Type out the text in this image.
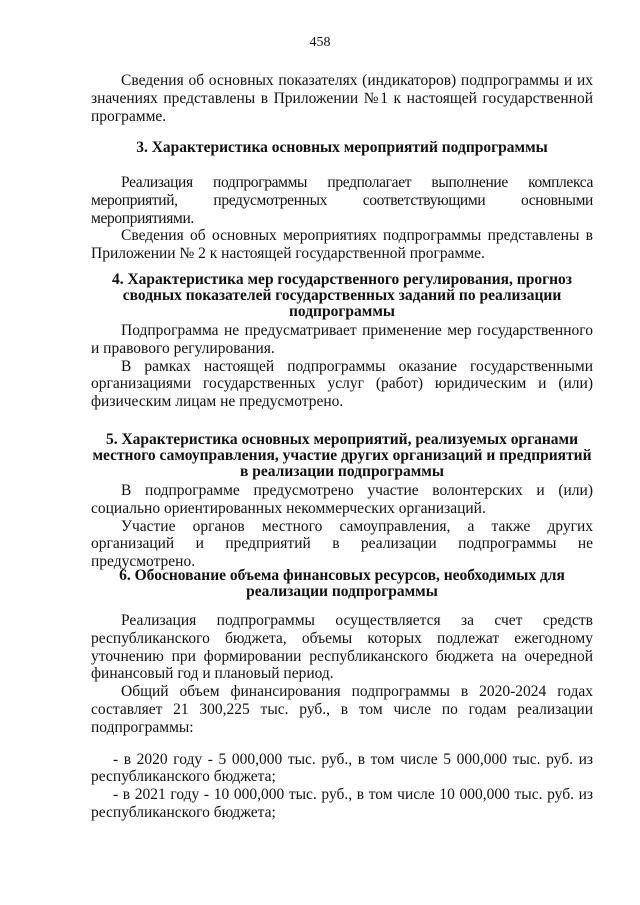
458

Сведения об основных показателях (индикаторов) подпрограммы и их значениях представлены в Приложении №1 к настоящей государственной программе.

3. Характеристика основных мероприятий подпрограммы

Реализация подпрограммы предполагает выполнение комплекса мероприятий, предусмотренных соответствующими основными мероприятиями.

Сведения об основных мероприятиях подпрограммы представлены в Приложении № 2 к настоящей государственной программе.

4. Характеристика мер государственного регулирования, прогноз сводных показателей государственных заданий по реализации подпрограммы

Подпрограмма не предусматривает применение мер государственного и правового регулирования.

В рамках настоящей подпрограммы оказание государственными организациями государственных услуг (работ) юридическим и (или) физическим лицам не предусмотрено.

5. Характеристика основных мероприятий, реализуемых органами местного самоуправления, участие других организаций и предприятий в реализации подпрограммы

В подпрограмме предусмотрено участие волонтерских и (или) социально ориентированных некоммерческих организаций.

Участие органов местного самоуправления, а также других организаций и предприятий в реализации подпрограммы не предусмотрено.

6. Обоснование объема финансовых ресурсов, необходимых для реализации подпрограммы

Реализация подпрограммы осуществляется за счет средств республиканского бюджета, объемы которых подлежат ежегодному уточнению при формировании республиканского бюджета на очередной финансовый год и плановый период.

Общий объем финансирования подпрограммы в 2020-2024 годах составляет 21 300,225 тыс. руб., в том числе по годам реализации подпрограммы:

- в 2020 году - 5 000,000 тыс. руб., в том числе 5 000,000 тыс. руб. из республиканского бюджета;

- в 2021 году - 10 000,000 тыс. руб., в том числе 10 000,000 тыс. руб. из республиканского бюджета;
